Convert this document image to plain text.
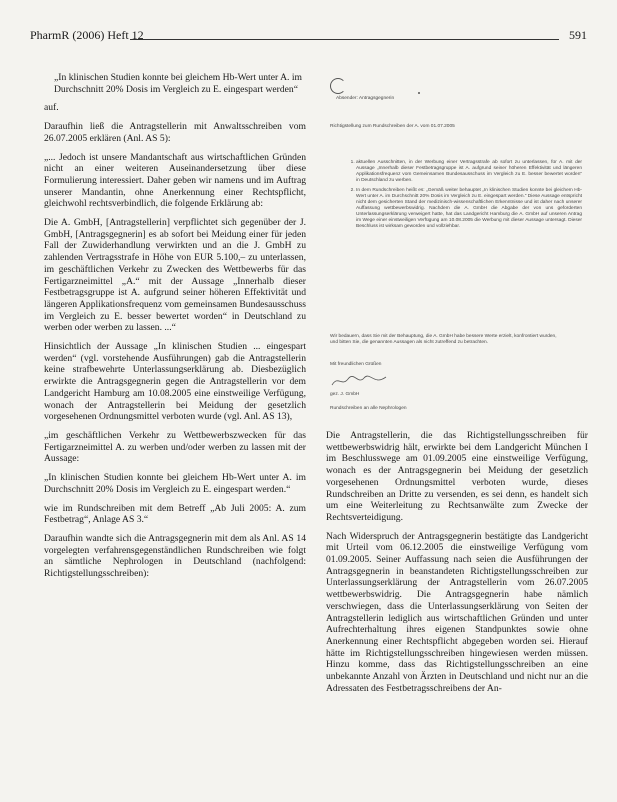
PharmR (2006) Heft 12	591

„In klinischen Studien konnte bei gleichem Hb-Wert unter A. im Durchschnitt 20% Dosis im Vergleich zu E. eingespart werden“

auf.

Daraufhin ließ die Antragstellerin mit Anwaltsschreiben vom 26.07.2005 erklären (Anl. AS 5):

„... Jedoch ist unsere Mandantschaft aus wirtschaftlichen Gründen nicht an einer weiteren Auseinandersetzung über diese Formulierung interessiert. Daher geben wir namens und im Auftrag unserer Mandantin, ohne Anerkennung einer Rechtspflicht, gleichwohl rechtsverbindlich, die folgende Erklärung ab:

Die A. GmbH, [Antragstellerin] verpflichtet sich gegenüber der J. GmbH, [Antragsgegnerin] es ab sofort bei Meidung einer für jeden Fall der Zuwiderhandlung verwirkten und an die J. GmbH zu zahlenden Vertragsstrafe in Höhe von EUR 5.100,– zu unterlassen, im geschäftlichen Verkehr zu Zwecken des Wettbewerbs für das Fertigarzneimittel „A.“ mit der Aussage „Innerhalb dieser Festbetragsgruppe ist A. aufgrund seiner höheren Effektivität und längeren Applikationsfrequenz vom gemeinsamen Bundesausschuss im Vergleich zu E. besser bewertet worden“ in Deutschland zu werben oder werben zu lassen. ...“

Hinsichtlich der Aussage „In klinischen Studien ... eingespart werden“ (vgl. vorstehende Ausführungen) gab die Antragstellerin keine strafbewehrte Unterlassungserklärung ab. Diesbezüglich erwirkte die Antragsgegnerin gegen die Antragstellerin vor dem Landgericht Hamburg am 10.08.2005 eine einstweilige Verfügung, wonach der Antragstellerin bei Meidung der gesetzlich vorgesehenen Ordnungsmittel verboten wurde (vgl. Anl. AS 13),

„im geschäftlichen Verkehr zu Wettbewerbszwecken für das Fertigarzneimittel A. zu werben und/oder werben zu lassen mit der Aussage:

„In klinischen Studien konnte bei gleichem Hb-Wert unter A. im Durchschnitt 20% Dosis im Vergleich zu E. eingespart werden.“

wie im Rundschreiben mit dem Betreff „Ab Juli 2005: A. zum Festbetrag“, Anlage AS 3.“

Daraufhin wandte sich die Antragsgegnerin mit dem als Anl. AS 14 vorgelegten verfahrensgegenständlichen Rundschreiben wie folgt an sämtliche Nephrologen in Deutschland (nachfolgend: Richtigstellungsschreiben):

Absender: Antragsgegnerin
Richtigstellung zum Rundschreiben der A. vom 01.07.2005
1. aktuellen Ausschnitten, in der Werbung einer Vertragsstrafe ab sofort zu unterlassen, für A. mit der Aussage „Innerhalb dieser Festbetragsgruppe ist A. aufgrund seiner höheren Effektivität und längeren Applikationsfrequenz vom Gemeinsamen Bundesausschuss im Vergleich zu E. besser bewertet worden“ in Deutschland zu werben.
2. In dem Rundschreiben heißt es: „Gemäß weiter behauptet „In klinischen Studien konnte bei gleichem Hb-Wert unter A. im Durchschnitt 20% Dosis im Vergleich zu E. eingespart werden.“ Diese Aussage entspricht nicht dem gesicherten Stand der medizinisch-wissenschaftlichen Erkenntnisse und ist daher nach unserer Auffassung wettbewerbswidrig. Nachdem die A. GmbH die Abgabe der von uns geforderten Unterlassungserklärung verweigert hatte, hat das Landgericht Hamburg die A. GmbH auf unseren Antrag im Wege einer einstweiligen Verfügung am 10.08.2005 die Werbung mit dieser Aussage untersagt. Dieser Beschluss ist wirksam geworden und vollziehbar.
Wir bedauern, dass Sie mit der Behauptung, die A. GmbH habe bessere Werte erzielt, konfrontiert wurden, und bitten Sie, die genannten Aussagen als nicht zutreffend zu betrachten.
Mit freundlichen Grüßen
gez. J. GmbH
Rundschreiben an alle Nephrologen

Die Antragstellerin, die das Richtigstellungsschreiben für wettbewerbswidrig hält, erwirkte bei dem Landgericht München I im Beschlusswege am 01.09.2005 eine einstweilige Verfügung, wonach es der Antragsgegnerin bei Meidung der gesetzlich vorgesehenen Ordnungsmittel verboten wurde, dieses Rundschreiben an Dritte zu versenden, es sei denn, es handelt sich um eine Weiterleitung zu Rechtsanwälte zum Zwecke der Rechtsverteidigung.

Nach Widerspruch der Antragsgegnerin bestätigte das Landgericht mit Urteil vom 06.12.2005 die einstweilige Verfügung vom 01.09.2005. Seiner Auffassung nach seien die Ausführungen der Antragsgegnerin in beanstandeten Richtigstellungsschreiben zur Unterlassungserklärung der Antragstellerin vom 26.07.2005 wettbewerbswidrig. Die Antragsgegnerin habe nämlich verschwiegen, dass die Unterlassungserklärung von Seiten der Antragstellerin lediglich aus wirtschaftlichen Gründen und unter Aufrechterhaltung ihres eigenen Standpunktes sowie ohne Anerkennung einer Rechtspflicht abgegeben worden sei. Hierauf hätte im Richtigstellungsschreiben hingewiesen werden müssen. Hinzu komme, dass das Richtigstellungsschreiben an eine unbekannte Anzahl von Ärzten in Deutschland und nicht nur an die Adressaten des Festbetragsschreibens der An-
